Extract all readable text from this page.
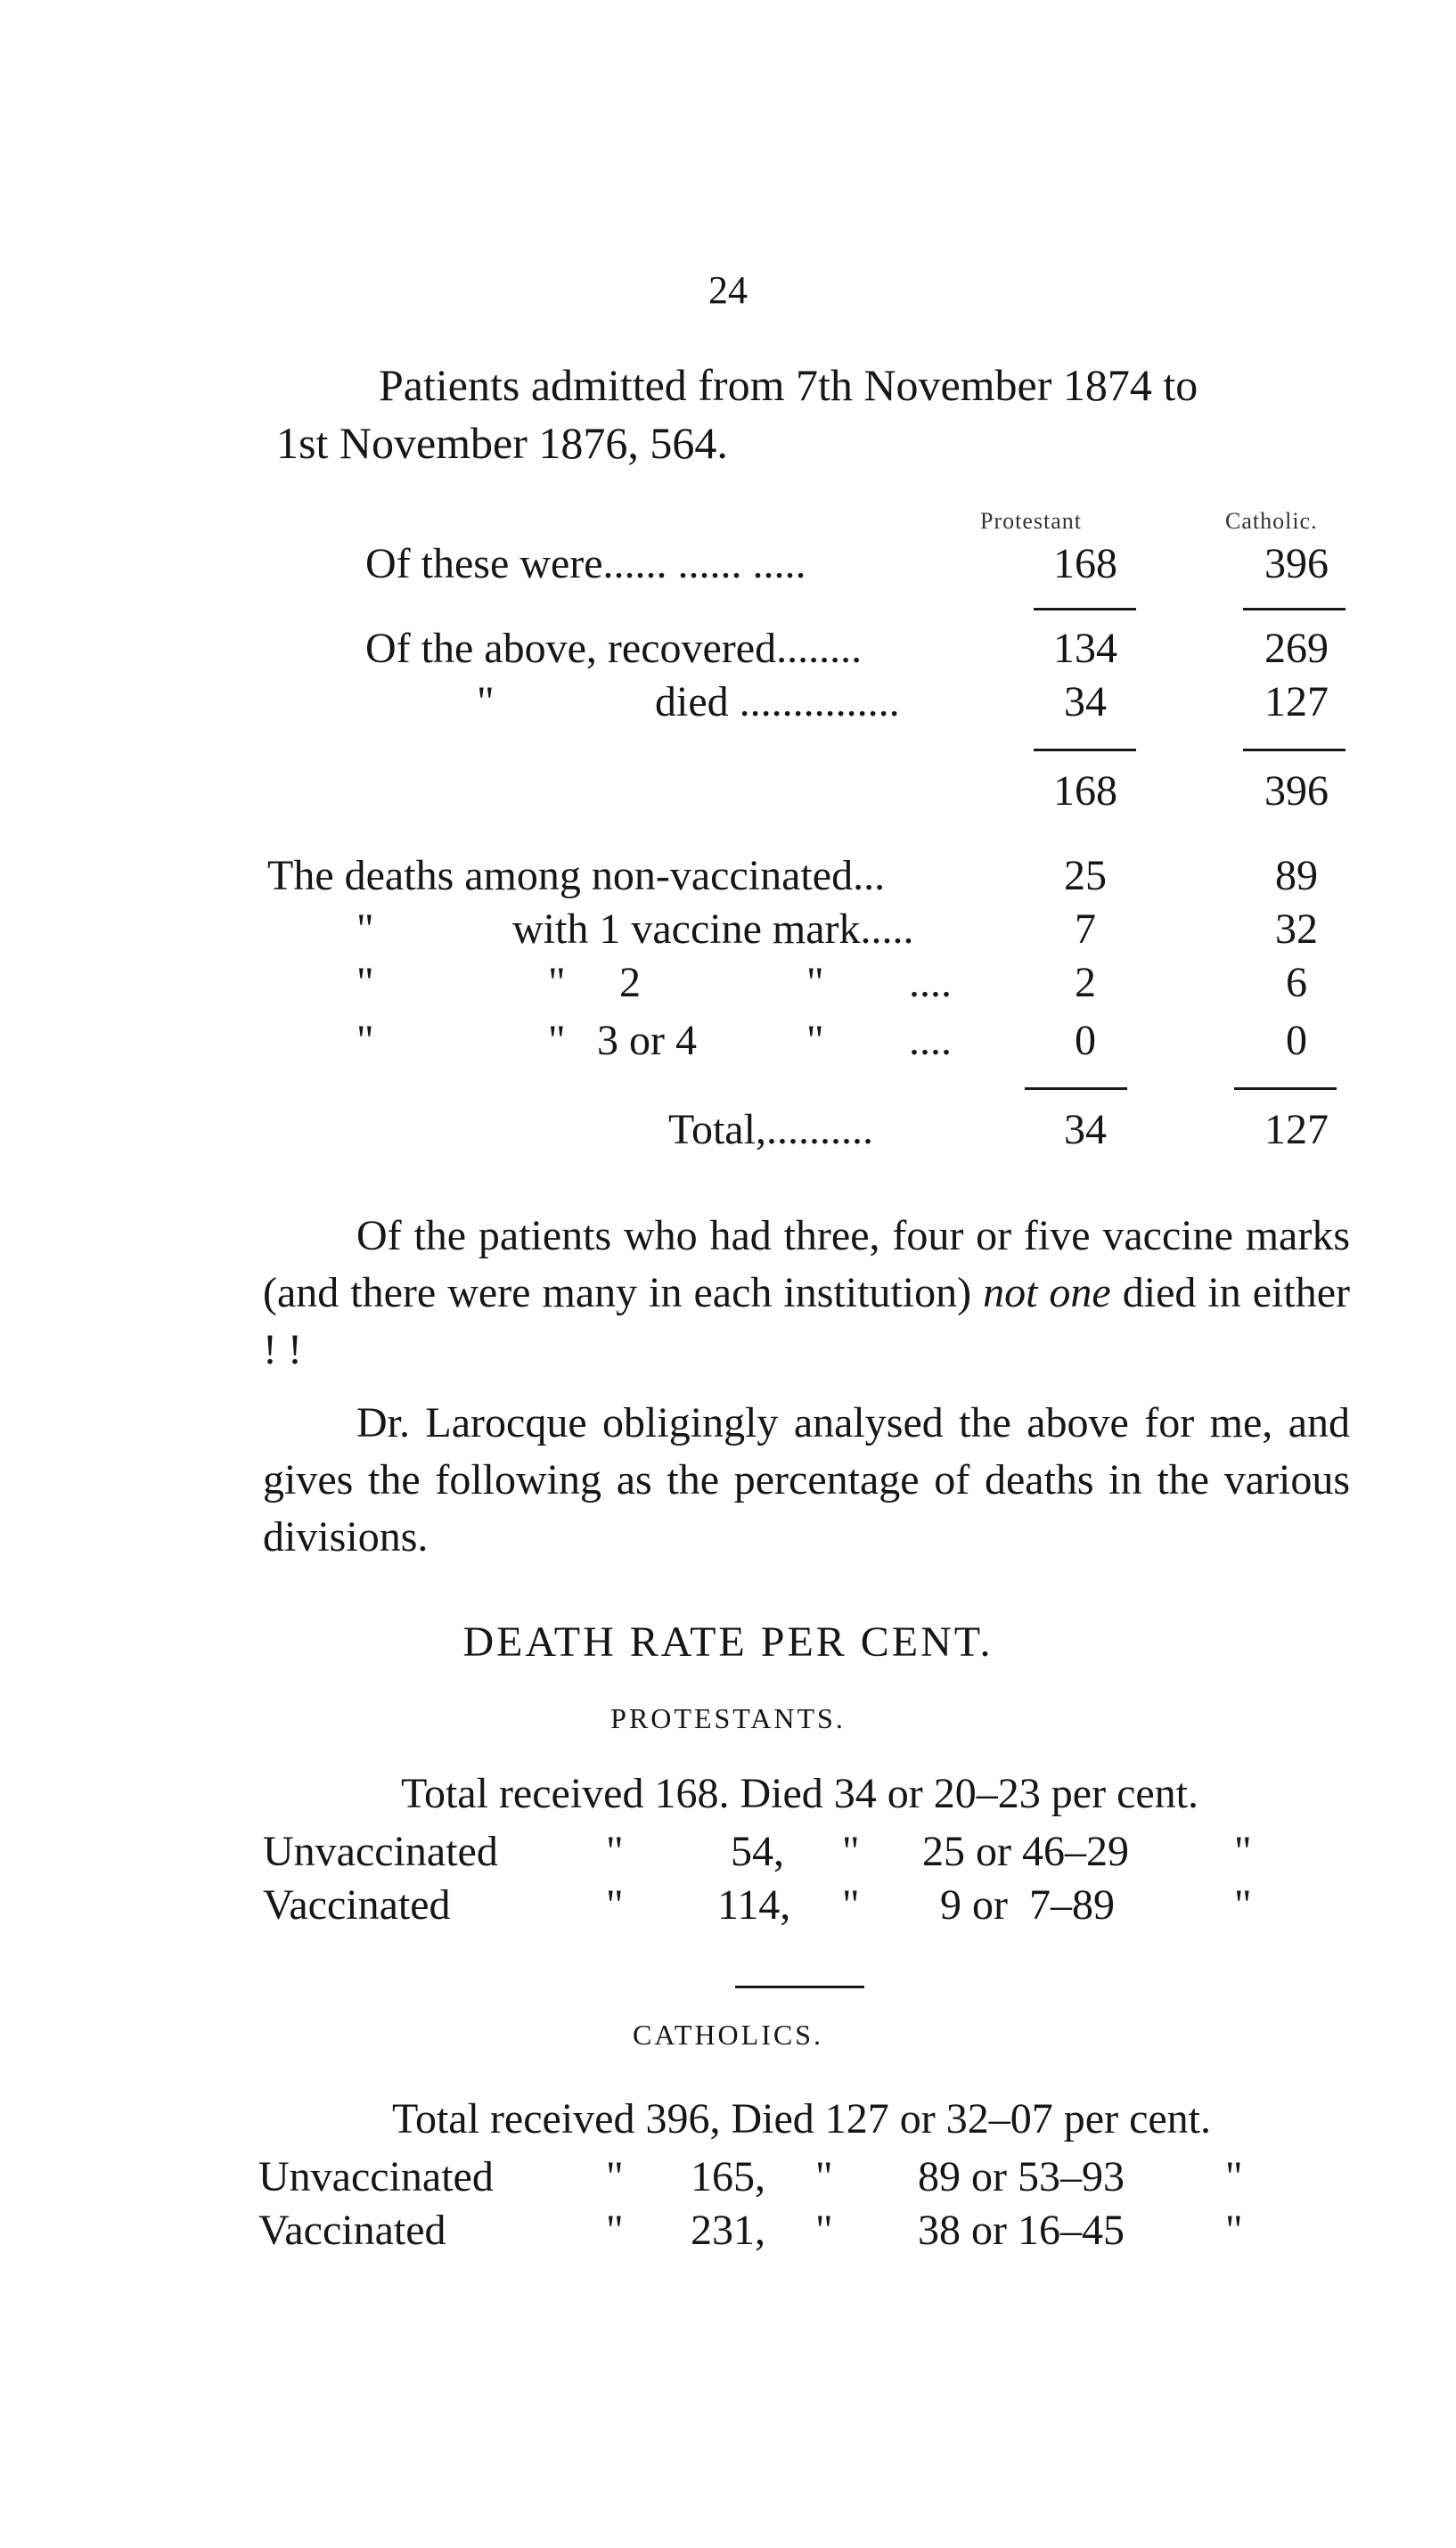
24
Patients admitted from 7th November 1874 to
1st November 1876, 564.
Protestant	Catholic.
Of these were...... ...... .....	168	396
Of the above, recovered........	134	269
"	died ...............	34	127
168	396
The deaths among non-vaccinated...	25	89
"	with 1 vaccine mark.....	7	32
"	" 2	" ....	2	6
"	" 3 or 4	" ....	0	0
Total,..........	34	127
Of the patients who had three, four or five vaccine marks (and there were many in each institution) not one died in either ! !
Dr. Larocque obligingly analysed the above for me, and gives the following as the percentage of deaths in the various divisions.
DEATH RATE PER CENT.
PROTESTANTS.
Total received 168. Died 34 or 20–23 per cent.
Unvaccinated	"	54, " 25 or 46–29 "
Vaccinated	" 114, " 9 or  7–89	"
CATHOLICS.
Total received 396, Died 127 or 32–07 per cent.
Unvaccinated	" 165, " 89 or 53–93 "
Vaccinated	" 231, " 38 or 16–45 "
